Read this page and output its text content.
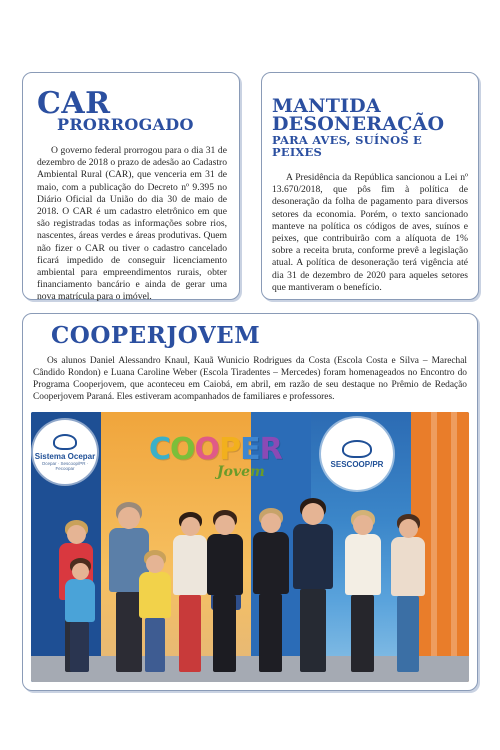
CAR
PRORROGADO

O governo federal prorrogou para o dia 31 de dezembro de 2018 o prazo de adesão ao Cadastro Ambiental Rural (CAR), que venceria em 31 de maio, com a publicação do Decreto nº 9.395 no Diário Oficial da União do dia 30 de maio de 2018. O CAR é um cadastro eletrônico em que são registradas todas as informações sobre rios, nascentes, áreas verdes e áreas produtivas. Quem não fizer o CAR ou tiver o cadastro cancelado ficará impedido de conseguir licenciamento ambiental para empreendimentos rurais, obter financiamento bancário e ainda de gerar uma nova matrícula para o imóvel.

MANTIDA
DESONERAÇÃO
PARA AVES, SUÍNOS E PEIXES

A Presidência da República sancionou a Lei nº 13.670/2018, que pôs fim à política de desoneração da folha de pagamento para diversos setores da economia. Porém, o texto sancionado manteve na política os códigos de aves, suínos e peixes, que contribuirão com a alíquota de 1% sobre a receita bruta, conforme prevê a legislação atual. A política de desoneração terá vigência até dia 31 de dezembro de 2020 para aqueles setores que mantiveram o benefício.

COOPERJOVEM

Os alunos Daniel Alessandro Knaul, Kauã Wunicio Rodrigues da Costa (Escola Costa e Silva – Marechal Cândido Rondon) e Luana Caroline Weber (Escola Tiradentes – Mercedes) foram homenageados no Encontro do Programa Cooperjovem, que aconteceu em Caiobá, em abril, em razão de seu destaque no Prêmio de Redação Cooperjovem Paraná. Eles estiveram acompanhados de familiares e professores.

Sistema Ocepar
Ocepar · Sescoop/PR · Fecoopar
COOPER
Jovem	SESCOOP/PR
